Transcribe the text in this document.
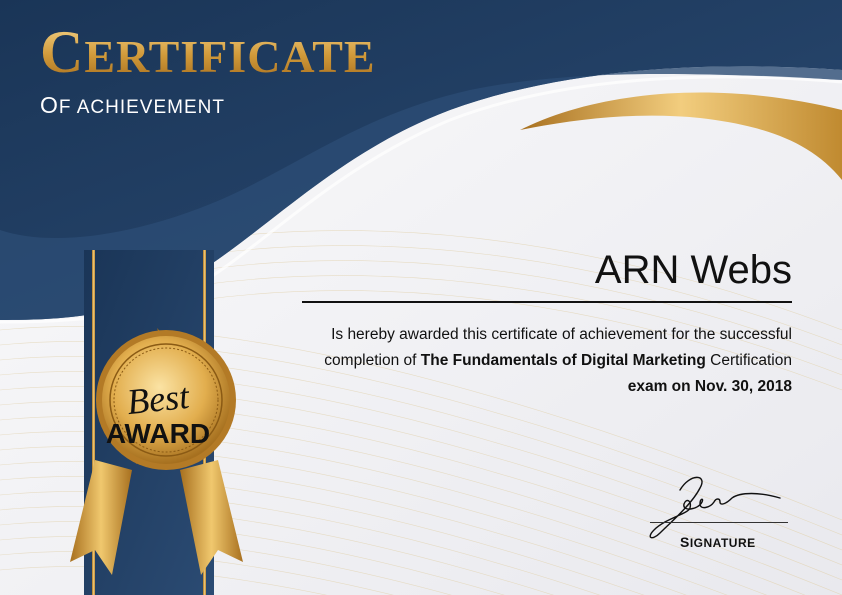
CERTIFICATE
OF ACHIEVEMENT
ARN Webs
Is hereby awarded this certificate of achievement for the successful completion of The Fundamentals of Digital Marketing Certification
exam on Nov. 30, 2018
Best
AWARD
SIGNATURE
